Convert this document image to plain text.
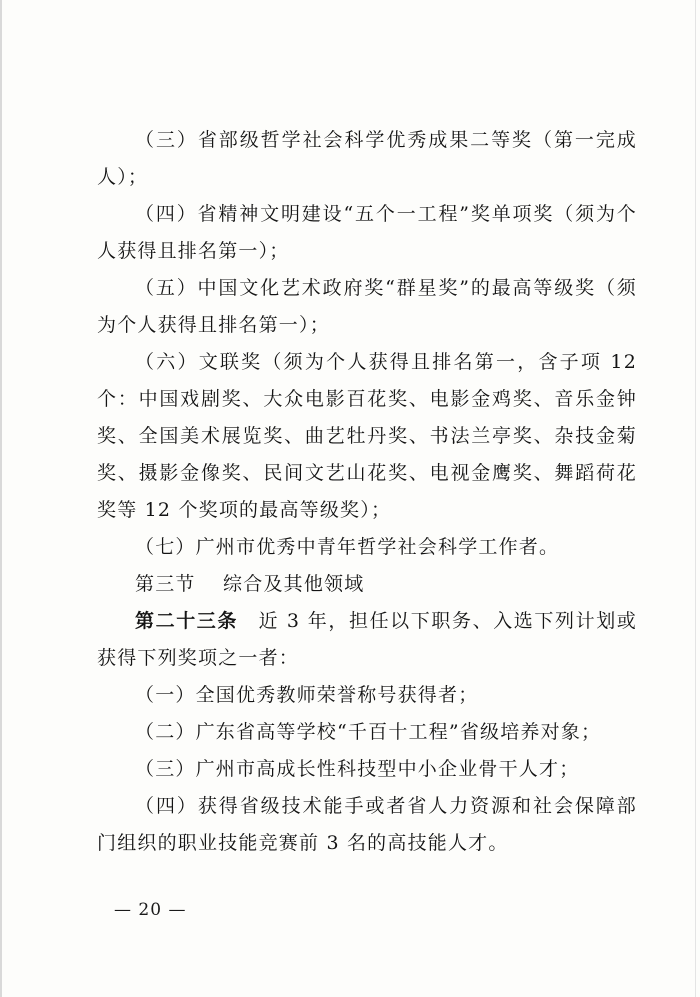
（三）省部级哲学社会科学优秀成果二等奖（第一完成人）；

（四）省精神文明建设“五个一工程”奖单项奖（须为个人获得且排名第一）；

（五）中国文化艺术政府奖“群星奖”的最高等级奖（须为个人获得且排名第一）；

（六）文联奖（须为个人获得且排名第一，含子项 12个：中国戏剧奖、大众电影百花奖、电影金鸡奖、音乐金钟奖、全国美术展览奖、曲艺牡丹奖、书法兰亭奖、杂技金菊奖、摄影金像奖、民间文艺山花奖、电视金鹰奖、舞蹈荷花奖等 12 个奖项的最高等级奖）；

（七）广州市优秀中青年哲学社会科学工作者。

第三节　 综合及其他领域

第二十三条　近 3 年，担任以下职务、入选下列计划或获得下列奖项之一者：

（一）全国优秀教师荣誉称号获得者；

（二）广东省高等学校“千百十工程”省级培养对象；

（三）广州市高成长性科技型中小企业骨干人才；

（四）获得省级技术能手或者省人力资源和社会保障部门组织的职业技能竞赛前 3 名的高技能人才。

— 20 —
